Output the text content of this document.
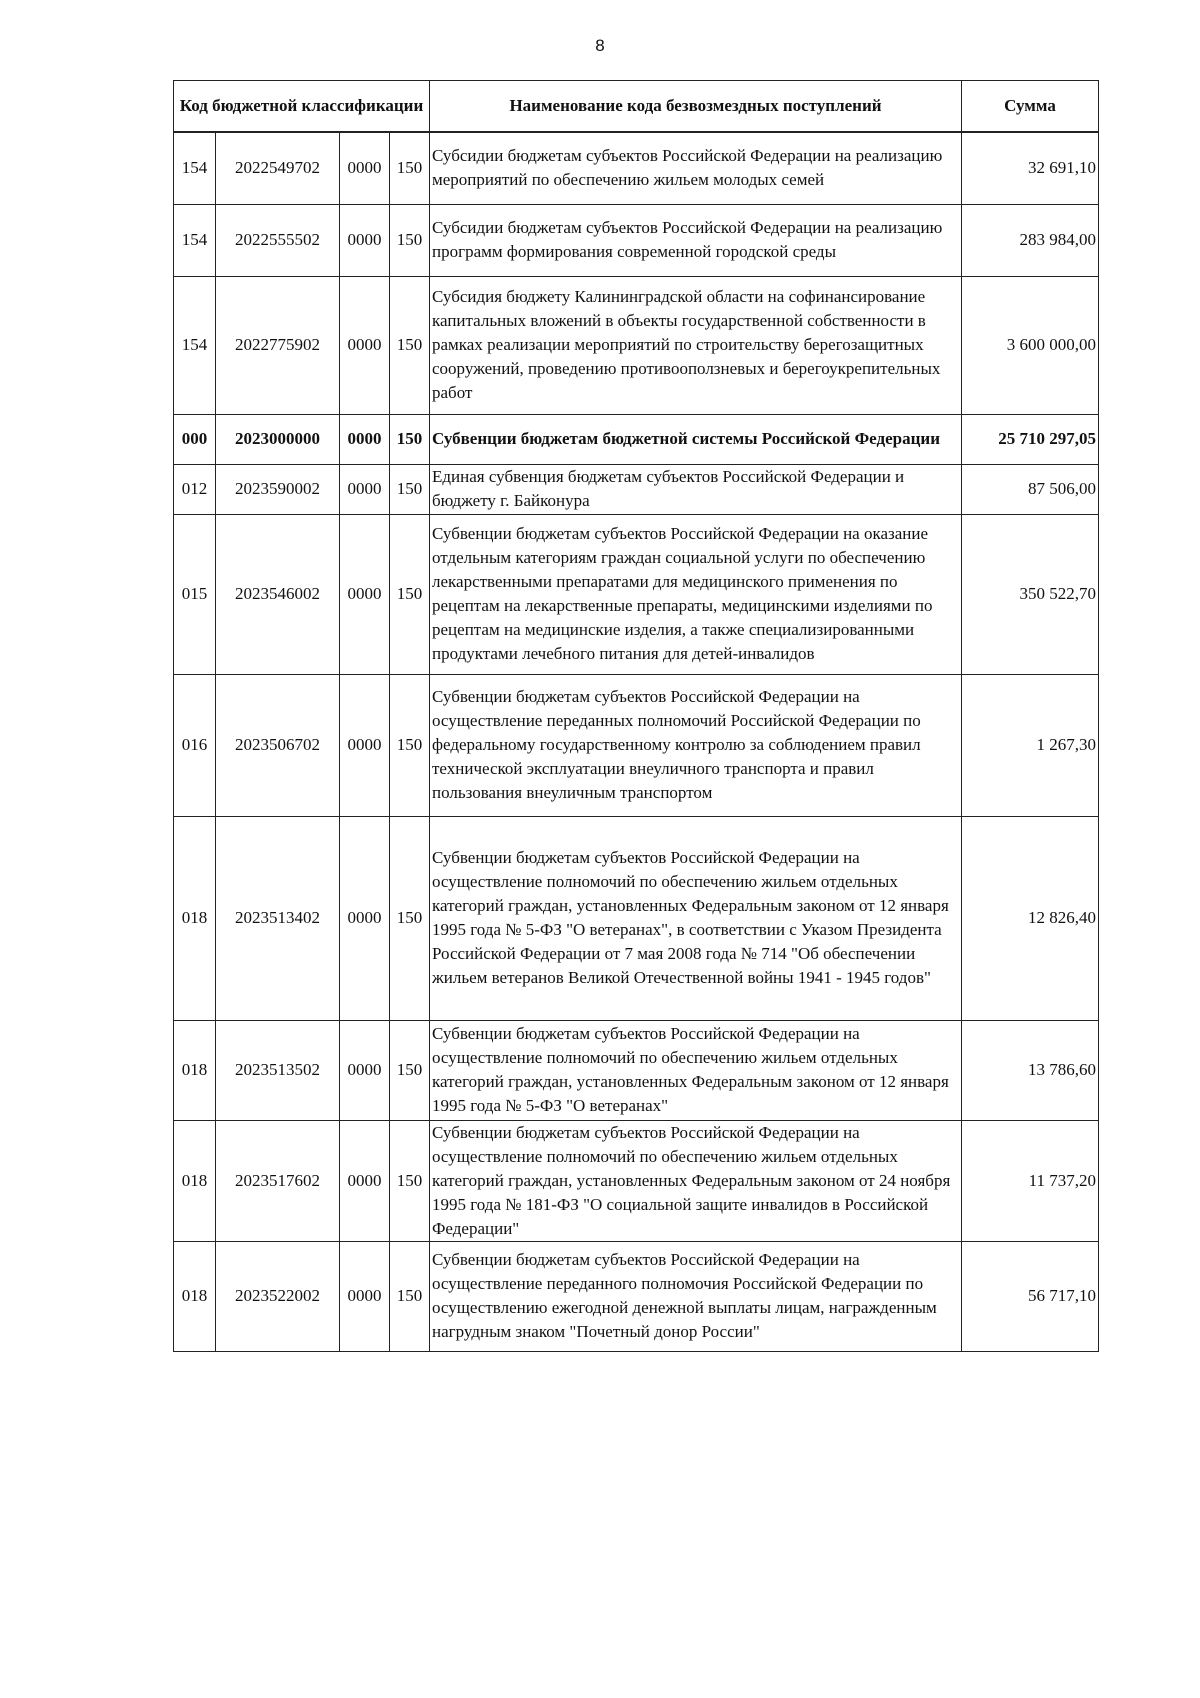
8
Код бюджетной классификации				Наименование кода безвозмездных поступлений	Сумма
154	2022549702	0000	150	Субсидии бюджетам субъектов Российской Федерации на реализацию мероприятий по обеспечению жильем молодых семей	32 691,10
154	2022555502	0000	150	Субсидии бюджетам субъектов Российской Федерации на реализацию программ формирования современной городской среды	283 984,00
154	2022775902	0000	150	Субсидия бюджету Калининградской области на софинансирование капитальных вложений в объекты государственной собственности в рамках реализации мероприятий по строительству берегозащитных сооружений, проведению противооползневых и берегоукрепительных работ	3 600 000,00
000	2023000000	0000	150	Субвенции бюджетам бюджетной системы Российской Федерации	25 710 297,05
012	2023590002	0000	150	Единая субвенция бюджетам субъектов Российской Федерации и бюджету г. Байконура	87 506,00
015	2023546002	0000	150	Субвенции бюджетам субъектов Российской Федерации на оказание отдельным категориям граждан социальной услуги по обеспечению лекарственными препаратами для медицинского применения по рецептам на лекарственные препараты, медицинскими изделиями по рецептам на медицинские изделия, а также специализированными продуктами лечебного питания для детей-инвалидов	350 522,70
016	2023506702	0000	150	Субвенции бюджетам субъектов Российской Федерации на осуществление переданных полномочий Российской Федерации по федеральному государственному контролю за соблюдением правил технической эксплуатации внеуличного транспорта и правил пользования внеуличным транспортом	1 267,30
018	2023513402	0000	150	Субвенции бюджетам субъектов Российской Федерации на осуществление полномочий по обеспечению жильем отдельных категорий граждан, установленных Федеральным законом от 12 января 1995 года № 5-ФЗ "О ветеранах", в соответствии с Указом Президента Российской Федерации от 7 мая 2008 года № 714 "Об обеспечении жильем ветеранов Великой Отечественной войны 1941 - 1945 годов"	12 826,40
018	2023513502	0000	150	Субвенции бюджетам субъектов Российской Федерации на осуществление полномочий по обеспечению жильем отдельных категорий граждан, установленных Федеральным законом от 12 января 1995 года № 5-ФЗ "О ветеранах"	13 786,60
018	2023517602	0000	150	Субвенции бюджетам субъектов Российской Федерации на осуществление полномочий по обеспечению жильем отдельных категорий граждан, установленных Федеральным законом от 24 ноября 1995 года № 181-ФЗ "О социальной защите инвалидов в Российской Федерации"	11 737,20
018	2023522002	0000	150	Субвенции бюджетам субъектов Российской Федерации на осуществление переданного полномочия Российской Федерации по осуществлению ежегодной денежной выплаты лицам, награжденным нагрудным знаком "Почетный донор России"	56 717,10
